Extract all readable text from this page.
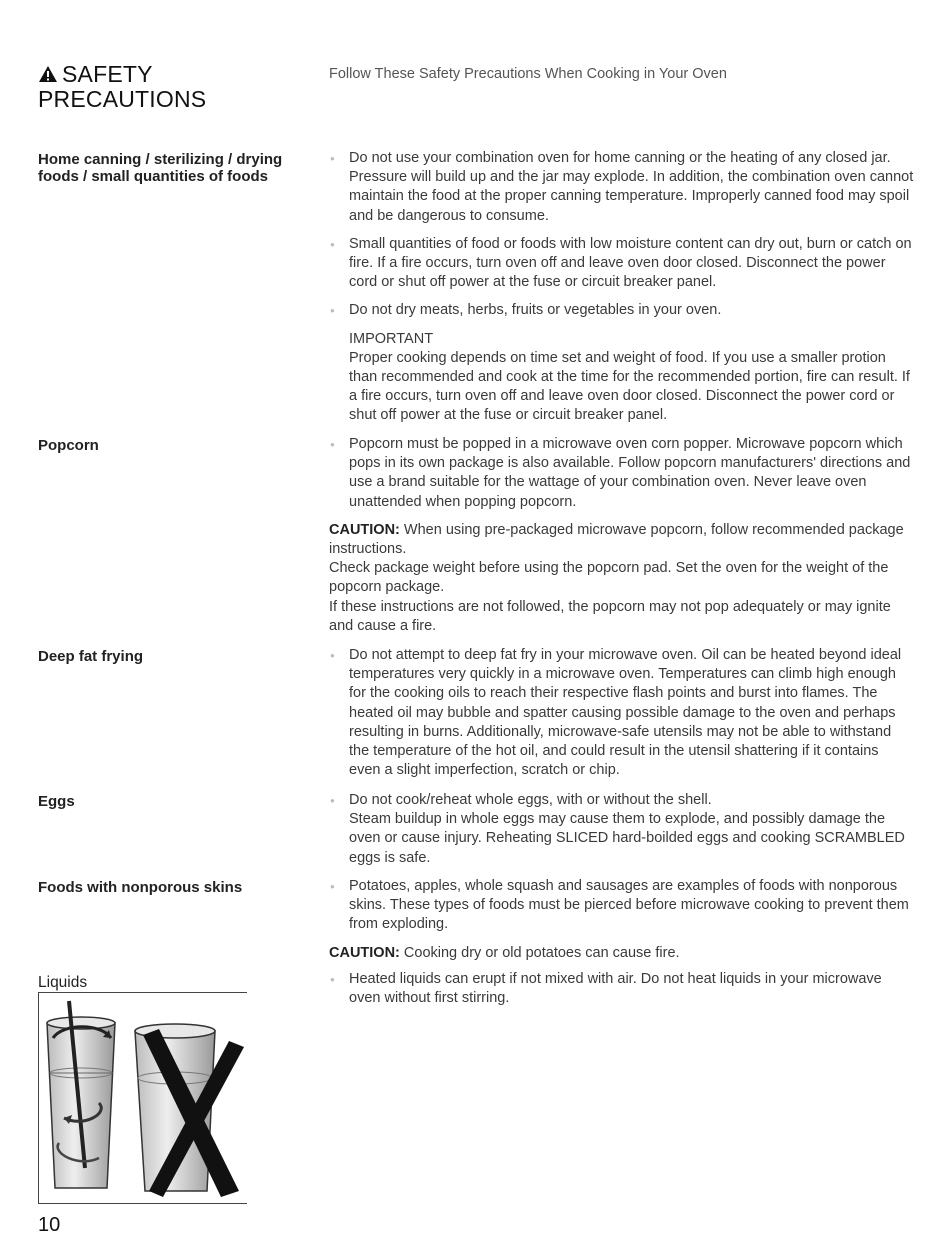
SAFETY
PRECAUTIONS
Follow These Safety Precautions When Cooking in Your Oven
Home canning / sterilizing / drying foods / small quantities of foods
● Do not use your combination oven for home canning or the heating of any closed jar. Pressure will build up and the jar may explode. In addition, the combination oven cannot maintain the food at the proper canning temperature. Improperly canned food may spoil and be dangerous to consume.
● Small quantities of food or foods with low moisture content can dry out, burn or catch on fire. If a fire occurs, turn oven off and leave oven door closed. Disconnect the power cord or shut off power at the fuse or circuit breaker panel.
● Do not dry meats, herbs, fruits or vegetables in your oven.
IMPORTANT
Proper cooking depends on time set and weight of food. If you use a smaller protion than recommended and cook at the time for the recommended portion, fire can result. If a fire occurs, turn oven off and leave oven door closed. Disconnect the power cord or shut off power at the fuse or circuit breaker panel.
Popcorn	● Popcorn must be popped in a microwave oven corn popper. Microwave popcorn which pops in its own package is also available. Follow popcorn manufacturers' directions and use a brand suitable for the wattage of your combination oven. Never leave oven unattended when popping popcorn.

CAUTION: When using pre-packaged microwave popcorn, follow recommended package instructions.

Check package weight before using the popcorn pad. Set the oven for the weight of the popcorn package.

If these instructions are not followed, the popcorn may not pop adequately or may ignite and cause a fire.

Deep fat frying	● Do not attempt to deep fat fry in your microwave oven. Oil can be heated beyond ideal temperatures very quickly in a microwave oven. Temperatures can climb high enough for the cooking oils to reach their respective flash points and burst into flames. The heated oil may bubble and spatter causing possible damage to the oven and perhaps resulting in burns. Additionally, microwave-safe utensils may not be able to withstand the temperature of the hot oil, and could result in the utensil shattering if it contains even a slight imperfection, scratch or chip.
Eggs	● Do not cook/reheat whole eggs, with or without the shell.
Steam buildup in whole eggs may cause them to explode, and possibly damage the oven or cause injury. Reheating SLICED hard-boilded eggs and cooking SCRAMBLED eggs is safe.
Foods with nonporous skins	● Potatoes, apples, whole squash and sausages are examples of foods with nonporous skins. These types of foods must be pierced before microwave cooking to prevent them from exploding.

CAUTION: Cooking dry or old potatoes can cause fire.

Liquids	● Heated liquids can erupt if not mixed with air. Do not heat liquids in your microwave oven without first stirring.
10
